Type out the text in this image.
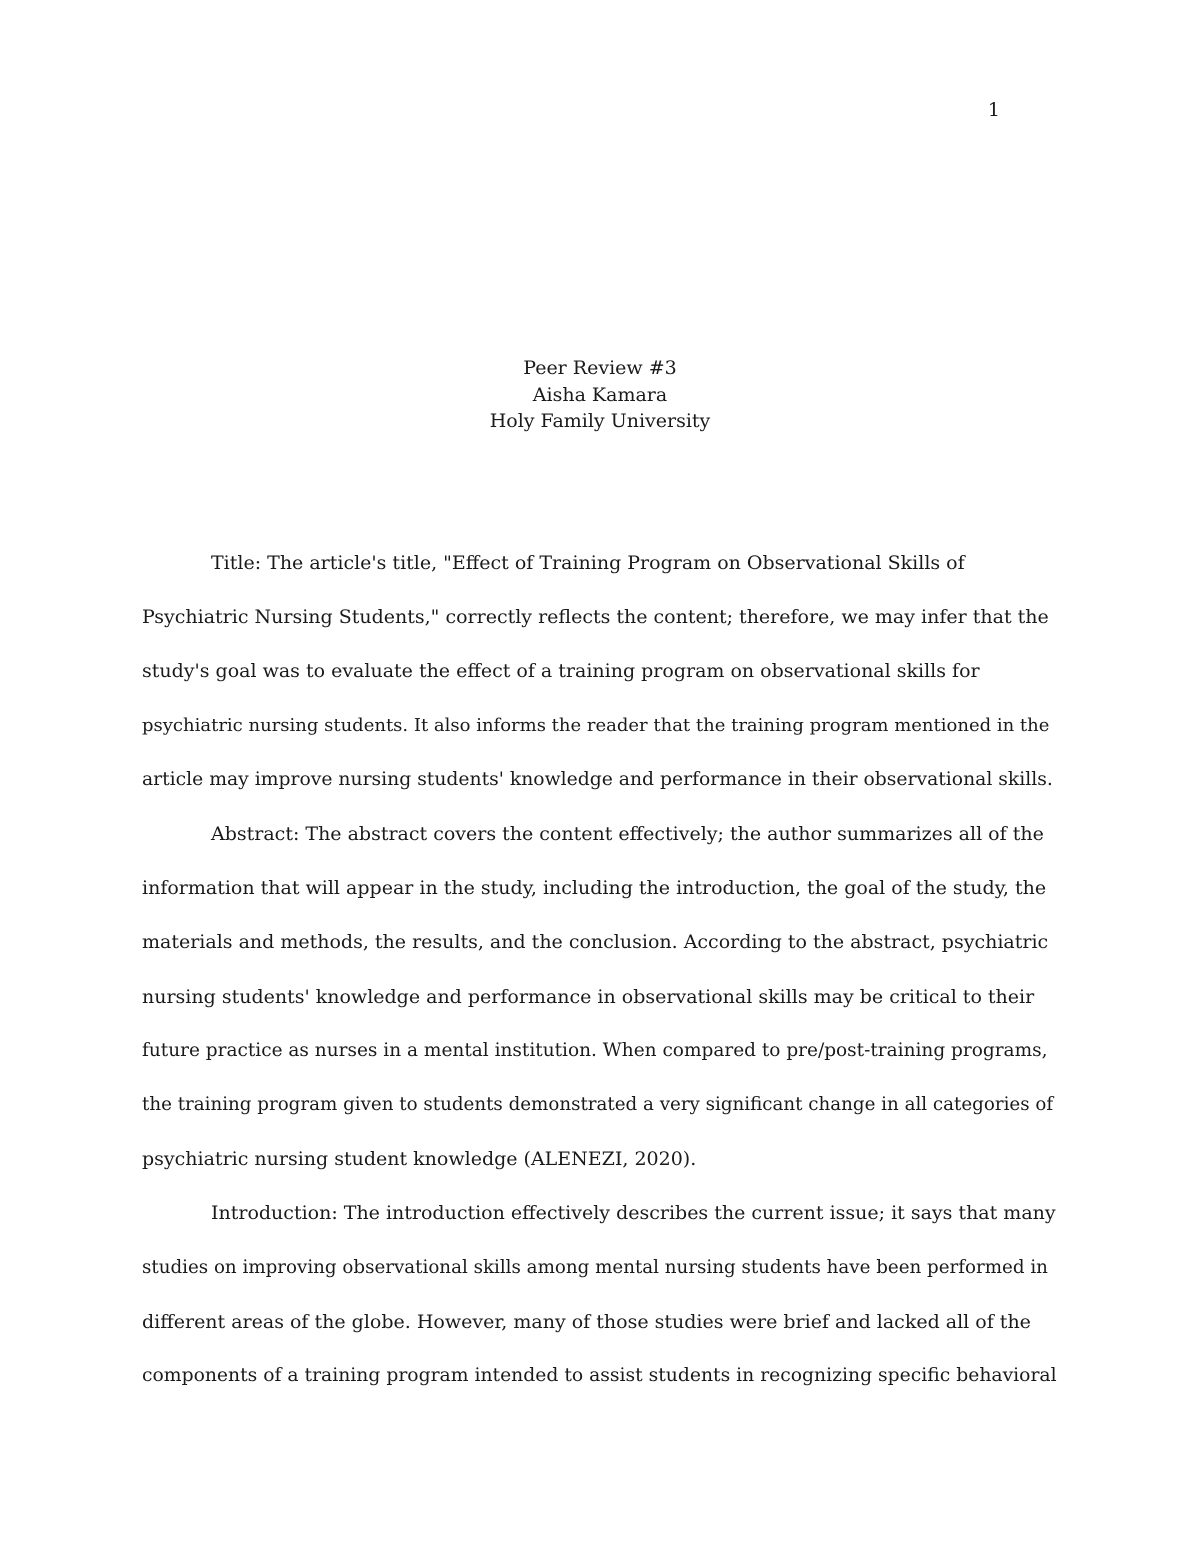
1
Peer Review #3
Aisha Kamara
Holy Family University
Title: The article's title, "Effect of Training Program on Observational Skills of
Psychiatric Nursing Students," correctly reflects the content; therefore, we may infer that the
study's goal was to evaluate the effect of a training program on observational skills for
psychiatric nursing students. It also informs the reader that the training program mentioned in the
article may improve nursing students' knowledge and performance in their observational skills.
Abstract: The abstract covers the content effectively; the author summarizes all of the
information that will appear in the study, including the introduction, the goal of the study, the
materials and methods, the results, and the conclusion. According to the abstract, psychiatric
nursing students' knowledge and performance in observational skills may be critical to their
future practice as nurses in a mental institution. When compared to pre/post-training programs,
the training program given to students demonstrated a very significant change in all categories of
psychiatric nursing student knowledge (ALENEZI, 2020).
Introduction: The introduction effectively describes the current issue; it says that many
studies on improving observational skills among mental nursing students have been performed in
different areas of the globe. However, many of those studies were brief and lacked all of the
components of a training program intended to assist students in recognizing specific behavioral
